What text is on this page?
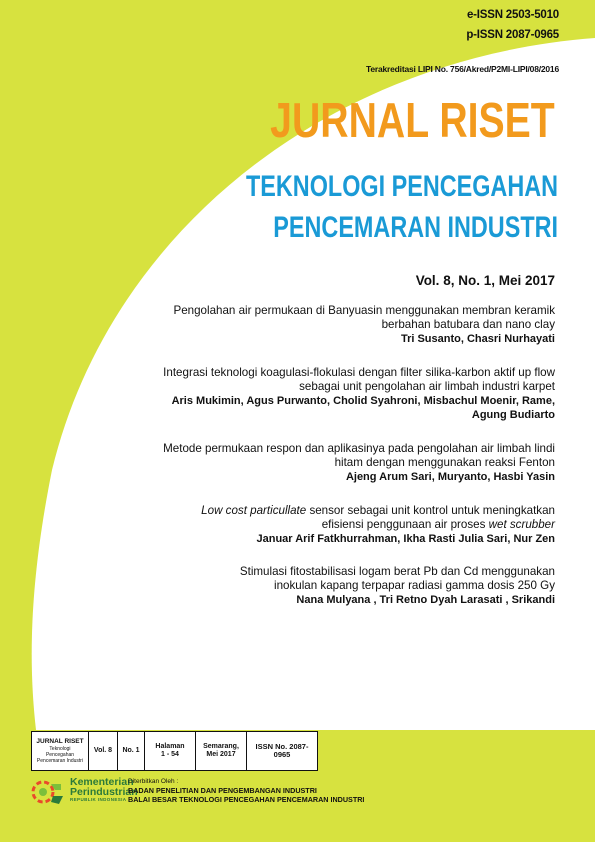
e-ISSN 2503-5010
p-ISSN 2087-0965
Terakreditasi LIPI No. 756/Akred/P2MI-LIPI/08/2016
JURNAL RISET
TEKNOLOGI PENCEGAHAN
PENCEMARAN INDUSTRI
Vol. 8, No. 1, Mei 2017
Pengolahan air permukaan di Banyuasin menggunakan membran keramik
berbahan batubara dan nano clay
Tri Susanto, Chasri Nurhayati
Integrasi teknologi koagulasi-flokulasi dengan filter silika-karbon aktif up flow
sebagai unit pengolahan air limbah industri karpet
Aris Mukimin, Agus Purwanto, Cholid Syahroni, Misbachul Moenir, Rame,
Agung Budiarto
Metode permukaan respon dan aplikasinya pada pengolahan air limbah lindi
hitam dengan menggunakan reaksi Fenton
Ajeng Arum Sari, Muryanto, Hasbi Yasin
Low cost particullate sensor sebagai unit kontrol untuk meningkatkan
efisiensi penggunaan air proses wet scrubber
Januar Arif Fatkhurrahman, Ikha Rasti Julia Sari, Nur Zen
Stimulasi fitostabilisasi logam berat Pb dan Cd menggunakan
inokulan kapang terpapar radiasi gamma dosis 250 Gy
Nana Mulyana , Tri Retno Dyah Larasati , Srikandi
JURNAL RISET
Teknologi Pencegahan
Pencemaran Industri
Vol. 8	No. 1
Halaman
1 - 54
Semarang,
Mei 2017
ISSN No. 2087-0965
Kementerian
Perindustrian
REPUBLIK INDONESIA
Diterbitkan Oleh :
BADAN PENELITIAN DAN PENGEMBANGAN INDUSTRI
BALAI BESAR TEKNOLOGI PENCEGAHAN PENCEMARAN INDUSTRI
